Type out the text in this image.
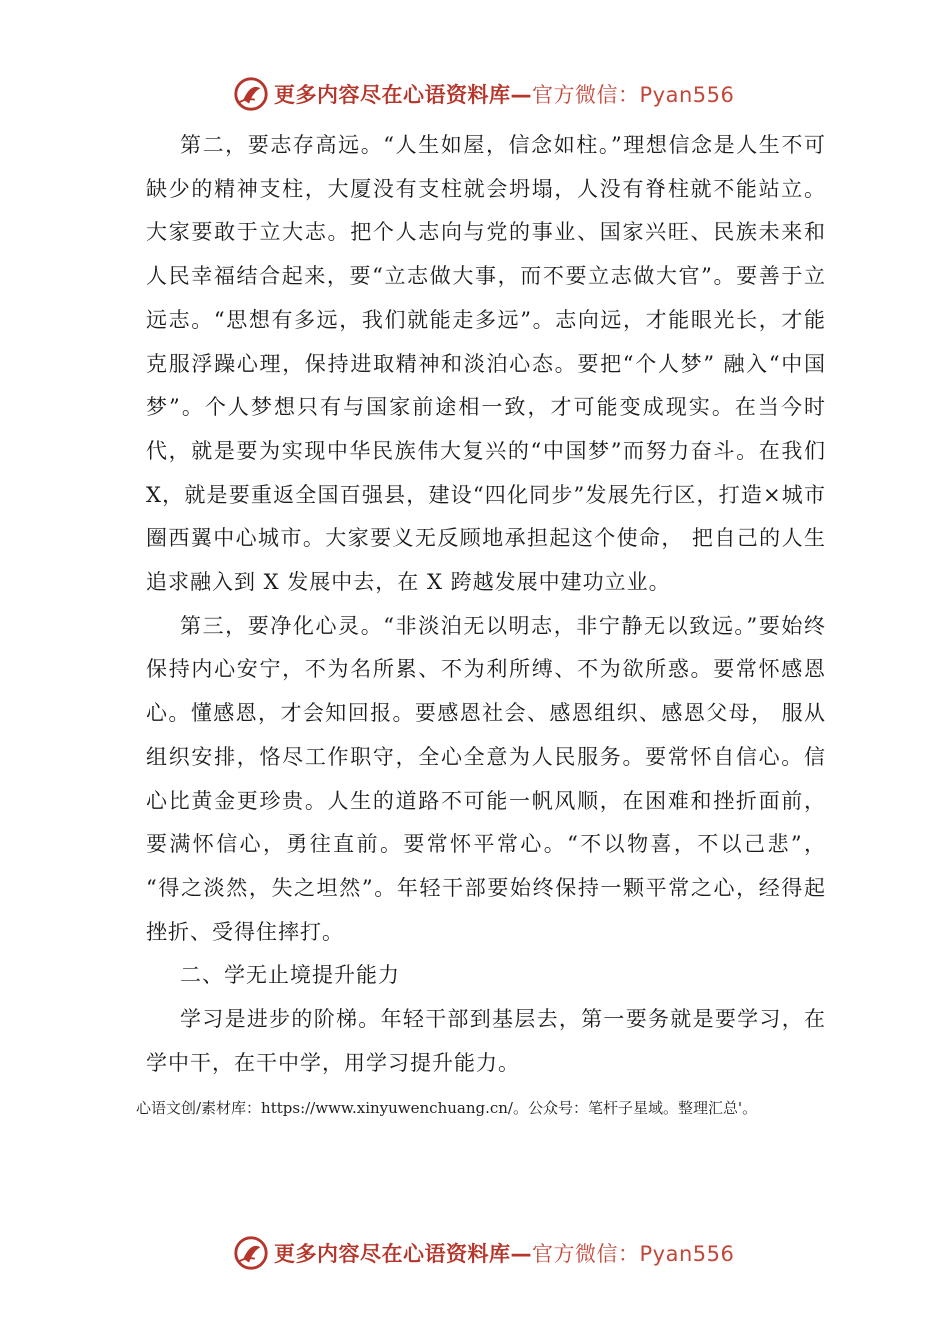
更多内容尽在心语资料库—官方微信：Pyan556

第二，要志存高远。“人生如屋，信念如柱。”理想信念是人生不可缺少的精神支柱，大厦没有支柱就会坍塌，人没有脊柱就不能站立。大家要敢于立大志。把个人志向与党的事业、国家兴旺、民族未来和人民幸福结合起来，要“立志做大事，而不要立志做大官”。要善于立远志。“思想有多远，我们就能走多远”。志向远，才能眼光长，才能克服浮躁心理，保持进取精神和淡泊心态。要把“个人梦” 融入“中国梦”。个人梦想只有与国家前途相一致，才可能变成现实。在当今时代，就是要为实现中华民族伟大复兴的“中国梦”而努力奋斗。在我们X，就是要重返全国百强县，建设“四化同步”发展先行区，打造×城市圈西翼中心城市。大家要义无反顾地承担起这个使命， 把自己的人生追求融入到 X 发展中去，在 X 跨越发展中建功立业。

第三，要净化心灵。“非淡泊无以明志，非宁静无以致远。”要始终保持内心安宁，不为名所累、不为利所缚、不为欲所惑。要常怀感恩心。懂感恩，才会知回报。要感恩社会、感恩组织、感恩父母， 服从组织安排，恪尽工作职守，全心全意为人民服务。要常怀自信心。信心比黄金更珍贵。人生的道路不可能一帆风顺，在困难和挫折面前， 要满怀信心，勇往直前。要常怀平常心。“不以物喜，不以己悲”， “得之淡然，失之坦然”。年轻干部要始终保持一颗平常之心，经得起挫折、受得住摔打。

二、学无止境提升能力

学习是进步的阶梯。年轻干部到基层去，第一要务就是要学习，在学中干，在干中学，用学习提升能力。

心语文创/素材库：https://www.xinyuwenchuang.cn/。公众号：笔杆子星域。整理汇总'。
更多内容尽在心语资料库—官方微信：Pyan556
